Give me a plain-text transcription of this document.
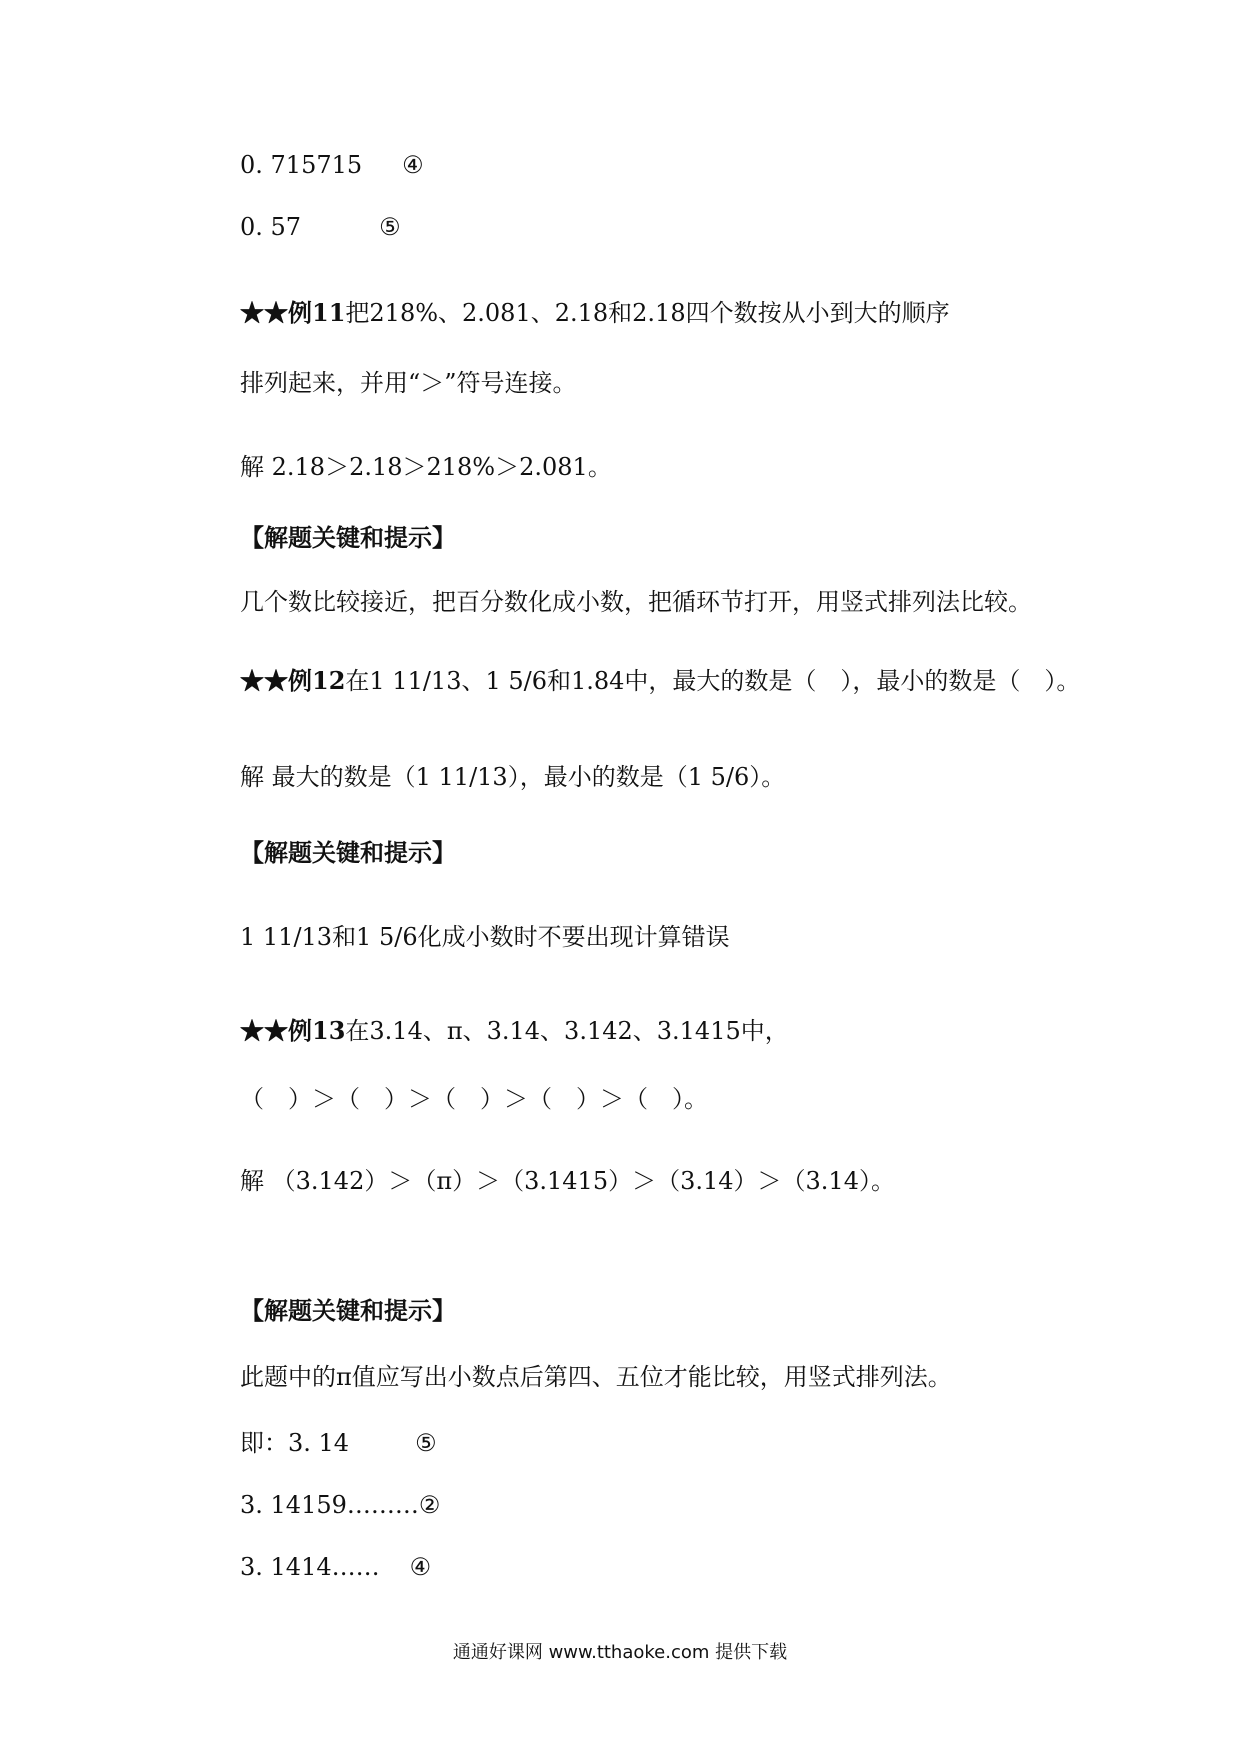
0. 715715 ④
0. 57	⑤
★★例11把218%、2.081、2.18和2.18四个数按从小到大的顺序
排列起来，并用“＞”符号连接。
解 2.18＞2.18＞218%＞2.081。
【解题关键和提示】
几个数比较接近，把百分数化成小数，把循环节打开，用竖式排列法比较。
★★例12在1 11/13、1 5/6和1.84中，最大的数是（　），最小的数是（　）。
解 最大的数是（1 11/13），最小的数是（1 5/6）。
【解题关键和提示】
1 11/13和1 5/6化成小数时不要出现计算错误
★★例13在3.14、π、3.14、3.142、3.1415中，
（　）＞（　）＞（　）＞（　）＞（　）。
解 （3.142）＞（π）＞（3.1415）＞（3.14）＞（3.14）。
【解题关键和提示】
此题中的π值应写出小数点后第四、五位才能比较，用竖式排列法。
即：3. 14	⑤
3. 14159………②
3. 1414…… ④
通通好课网 www.tthaoke.com 提供下载
